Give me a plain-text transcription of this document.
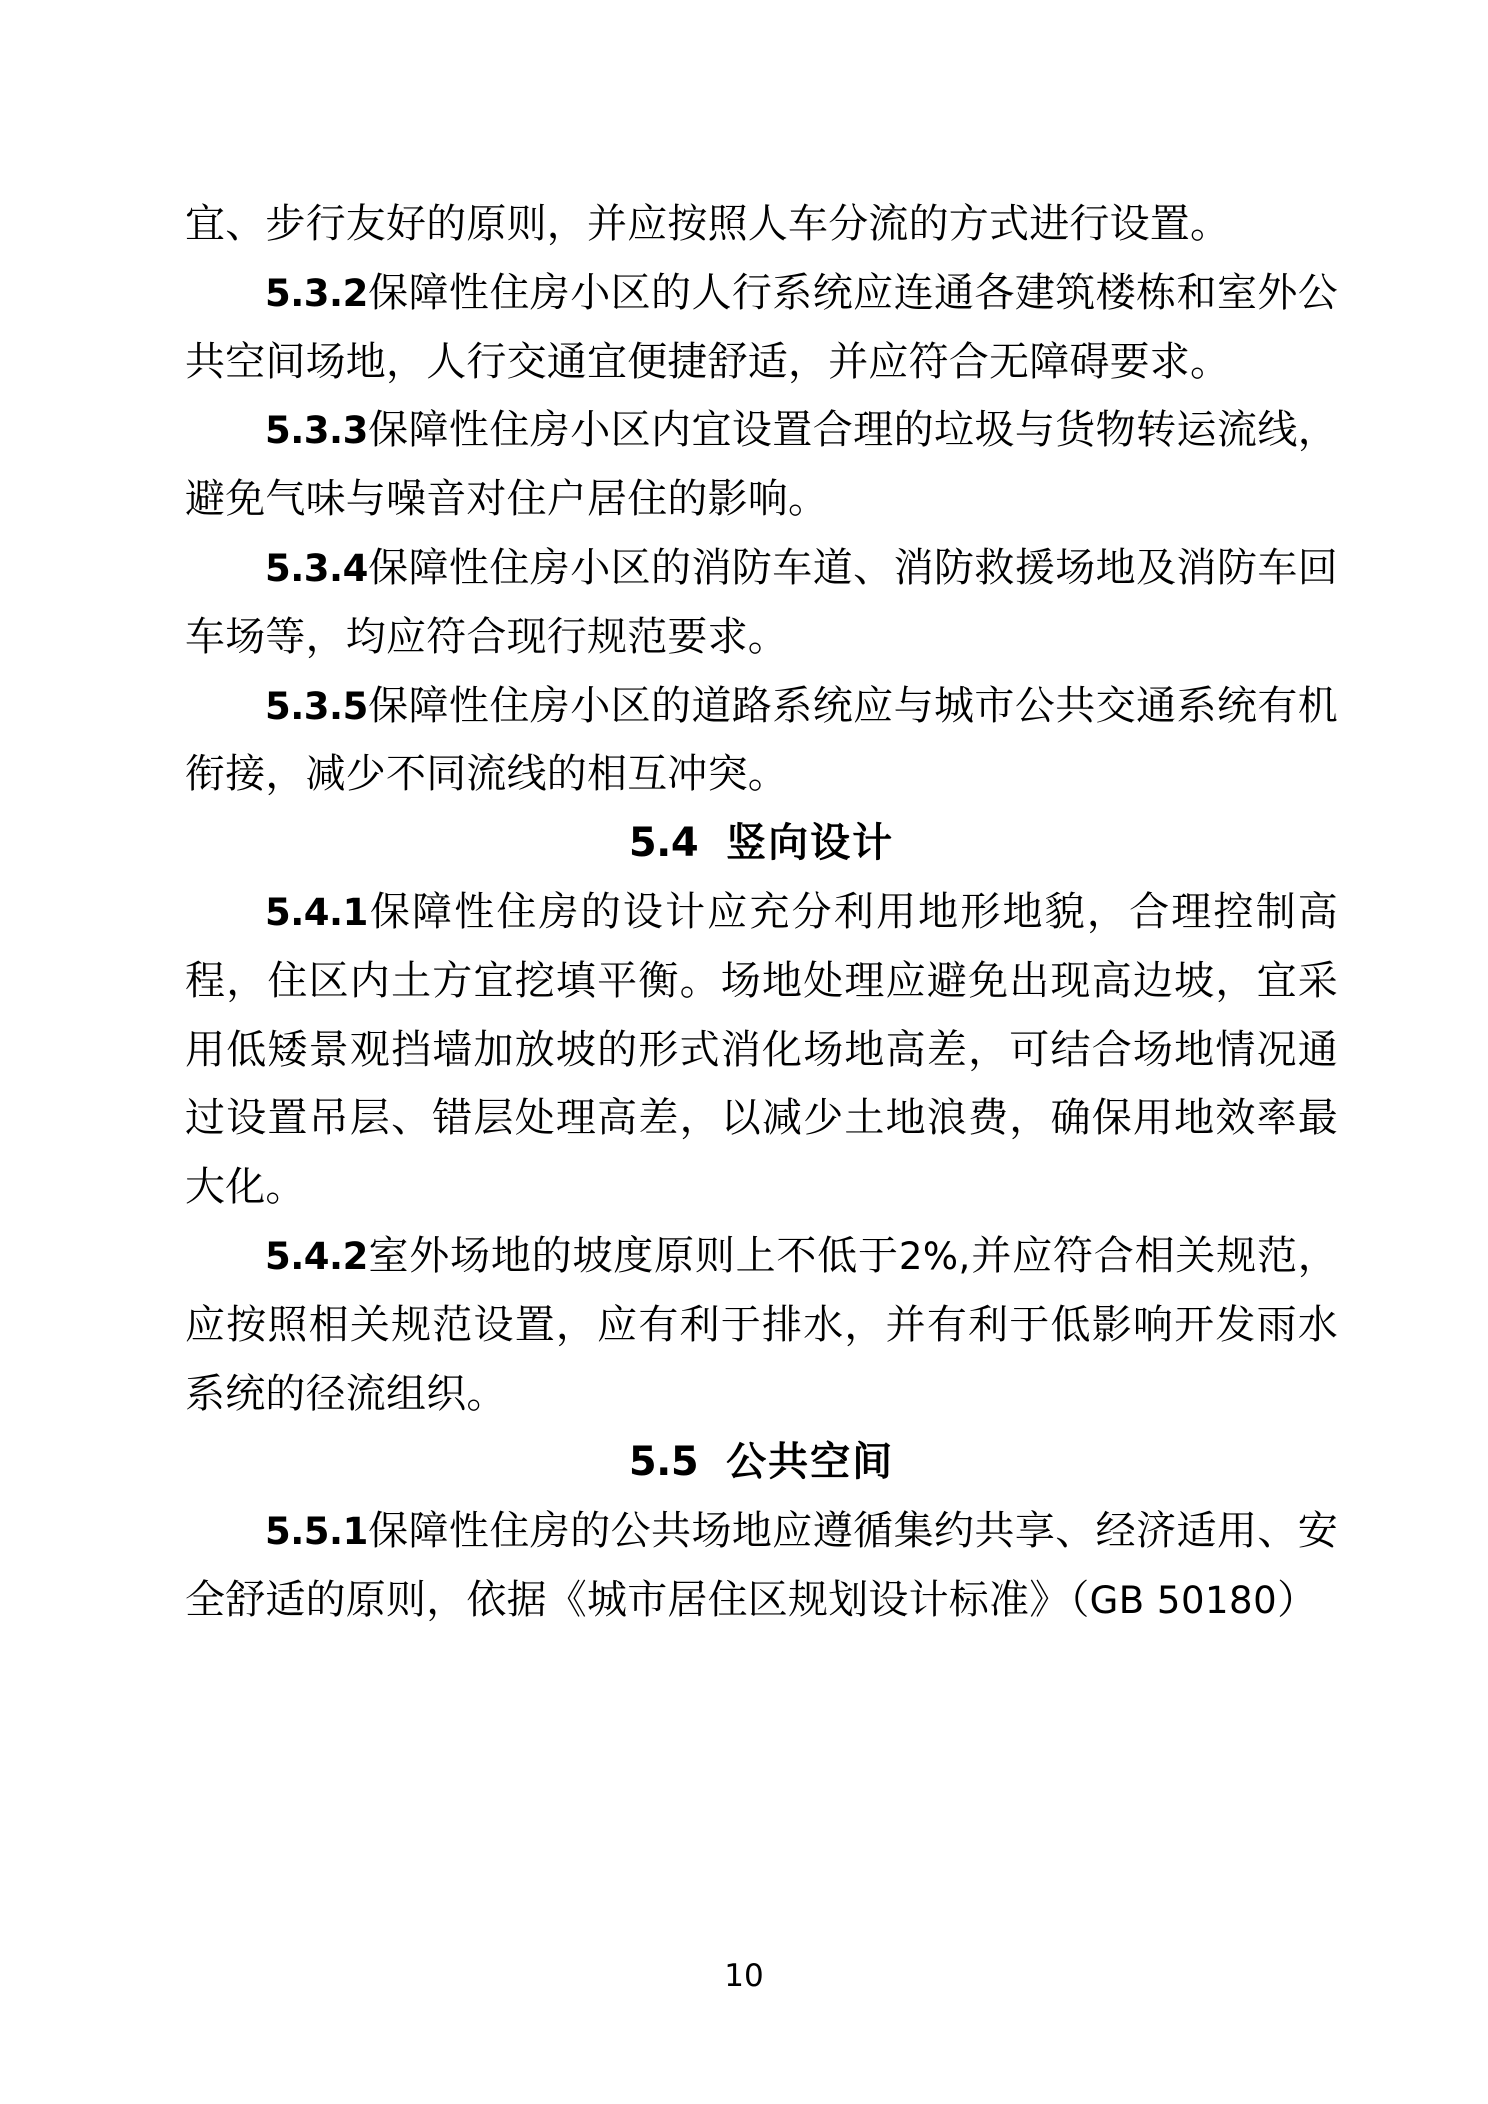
宜、步行友好的原则，并应按照人车分流的方式进行设置。

5.3.2保障性住房小区的人行系统应连通各建筑楼栋和室外公共空间场地，人行交通宜便捷舒适，并应符合无障碍要求。

5.3.3保障性住房小区内宜设置合理的垃圾与货物转运流线，避免气味与噪音对住户居住的影响。

5.3.4保障性住房小区的消防车道、消防救援场地及消防车回车场等，均应符合现行规范要求。

5.3.5保障性住房小区的道路系统应与城市公共交通系统有机衔接，减少不同流线的相互冲突。

5.4 竖向设计

5.4.1保障性住房的设计应充分利用地形地貌，合理控制高程，住区内土方宜挖填平衡。场地处理应避免出现高边坡，宜采用低矮景观挡墙加放坡的形式消化场地高差，可结合场地情况通过设置吊层、错层处理高差，以减少土地浪费，确保用地效率最大化。

5.4.2室外场地的坡度原则上不低于2%,并应符合相关规范，应按照相关规范设置，应有利于排水，并有利于低影响开发雨水系统的径流组织。

5.5 公共空间

5.5.1保障性住房的公共场地应遵循集约共享、经济适用、安全舒适的原则，依据《城市居住区规划设计标准》（GB 50180）

10
